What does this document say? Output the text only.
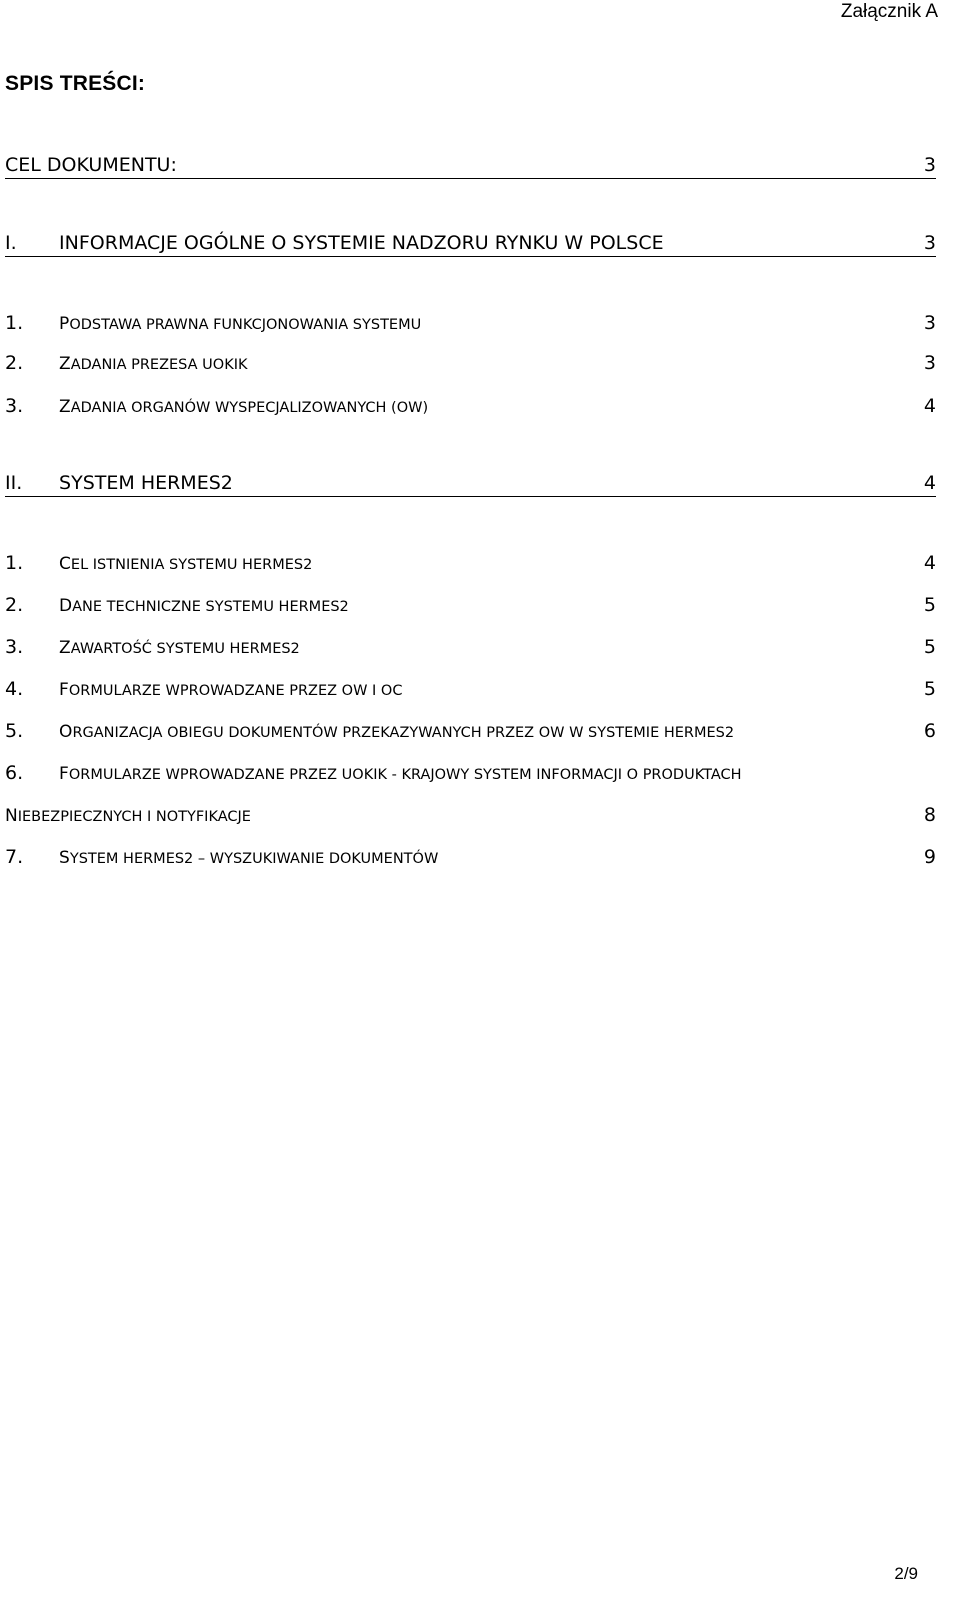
Załącznik A
SPIS TREŚCI:
CEL DOKUMENTU:	3
I. INFORMACJE OGÓLNE O SYSTEMIE NADZORU RYNKU W POLSCE	3
1. PODSTAWA PRAWNA FUNKCJONOWANIA SYSTEMU	3
2. ZADANIA PREZESA UOKIK	3
3. ZADANIA ORGANÓW WYSPECJALIZOWANYCH (OW)	4
II. SYSTEM HERMES2	4
1. CEL ISTNIENIA SYSTEMU HERMES2	4
2. DANE TECHNICZNE SYSTEMU HERMES2	5
3. ZAWARTOŚĆ SYSTEMU HERMES2	5
4. FORMULARZE WPROWADZANE PRZEZ OW I OC	5
5. ORGANIZACJA OBIEGU DOKUMENTÓW PRZEKAZYWANYCH PRZEZ OW W SYSTEMIE HERMES2	6
6. FORMULARZE WPROWADZANE PRZEZ UOKIK - KRAJOWY SYSTEM INFORMACJI O PRODUKTACH
NIEBEZPIECZNYCH I NOTYFIKACJE	8
7. SYSTEM HERMES2 – WYSZUKIWANIE DOKUMENTÓW	9
2/9
